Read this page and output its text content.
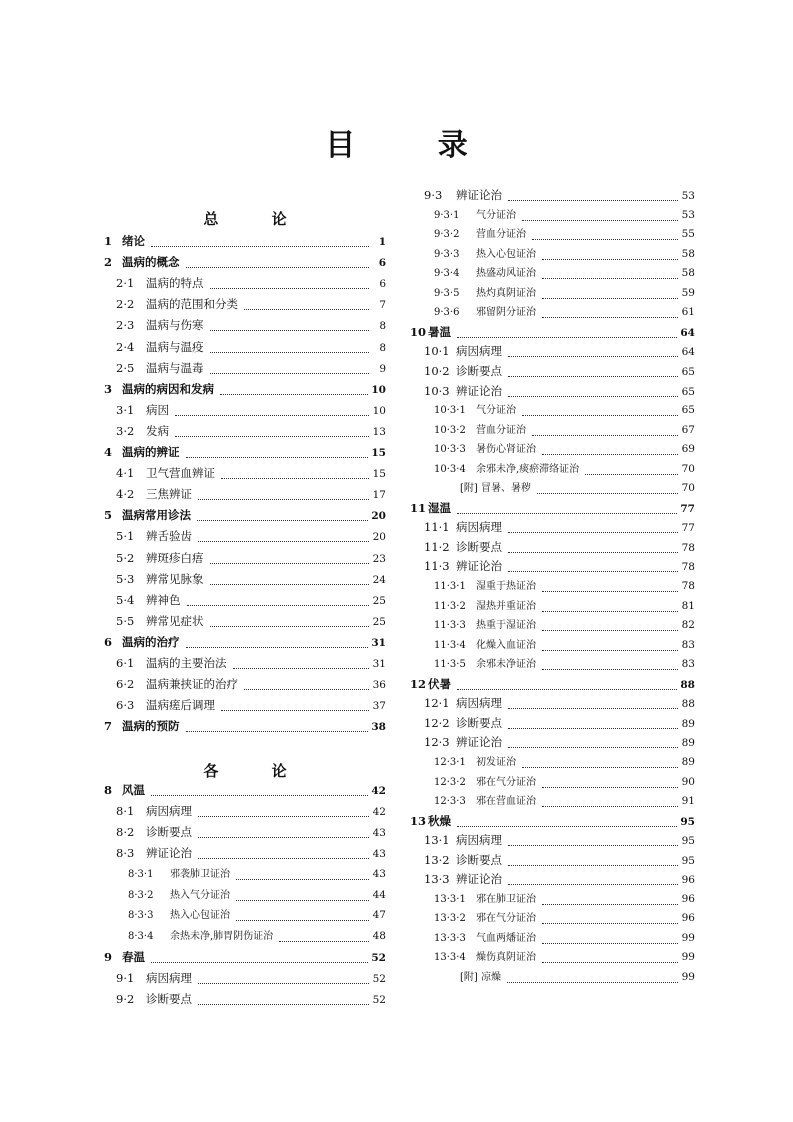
目 录
总 论
1 绪论	1
2 温病的概念	6
2·1	温病的特点	6
2·2	温病的范围和分类	7
2·3	温病与伤寒	8
2·4	温病与温疫	8
2·5	温病与温毒	9
3 温病的病因和发病	10
3·1	病因	10
3·2	发病	13
4 温病的辨证	15
4·1	卫气营血辨证	15
4·2	三焦辨证	17
5 温病常用诊法	20
5·1	辨舌验齿	20
5·2	辨斑疹白痦	23
5·3	辨常见脉象	24
5·4	辨神色	25
5·5	辨常见症状	25
6 温病的治疗	31
6·1	温病的主要治法	31
6·2	温病兼挟证的治疗	36
6·3	温病瘥后调理	37
7 温病的预防	38
各 论
8 风温	42
8·1	病因病理	42
8·2	诊断要点	43
8·3	辨证论治	43
8·3·1	邪袭肺卫证治	43
8·3·2	热入气分证治	44
8·3·3	热入心包证治	47
8·3·4	余热未净,肺胃阴伤证治	48
9 春温	52
9·1	病因病理	52
9·2	诊断要点	52
9·3	辨证论治	53
9·3·1	气分证治	53
9·3·2	营血分证治	55
9·3·3	热入心包证治	58
9·3·4	热盛动风证治	58
9·3·5	热灼真阴证治	59
9·3·6	邪留阴分证治	61
10 暑温	64
10·1 病因病理	64
10·2 诊断要点	65
10·3 辨证论治	65
10·3·1	气分证治	65
10·3·2	营血分证治	67
10·3·3	暑伤心肾证治	69
10·3·4	余邪未净,痰瘀滞络证治	70
[附] 冒暑、暑秽	70
11 湿温	77
11·1 病因病理	77
11·2 诊断要点	78
11·3 辨证论治	78
11·3·1	湿重于热证治	78
11·3·2	湿热并重证治	81
11·3·3	热重于湿证治	82
11·3·4	化燥入血证治	83
11·3·5	余邪未净证治	83
12 伏暑	88
12·1 病因病理	88
12·2 诊断要点	89
12·3 辨证论治	89
12·3·1	初发证治	89
12·3·2	邪在气分证治	90
12·3·3	邪在营血证治	91
13 秋燥	95
13·1 病因病理	95
13·2 诊断要点	95
13·3 辨证论治	96
13·3·1	邪在肺卫证治	96
13·3·2	邪在气分证治	96
13·3·3	气血两燔证治	99
13·3·4	燥伤真阴证治	99
[附] 凉燥	99
